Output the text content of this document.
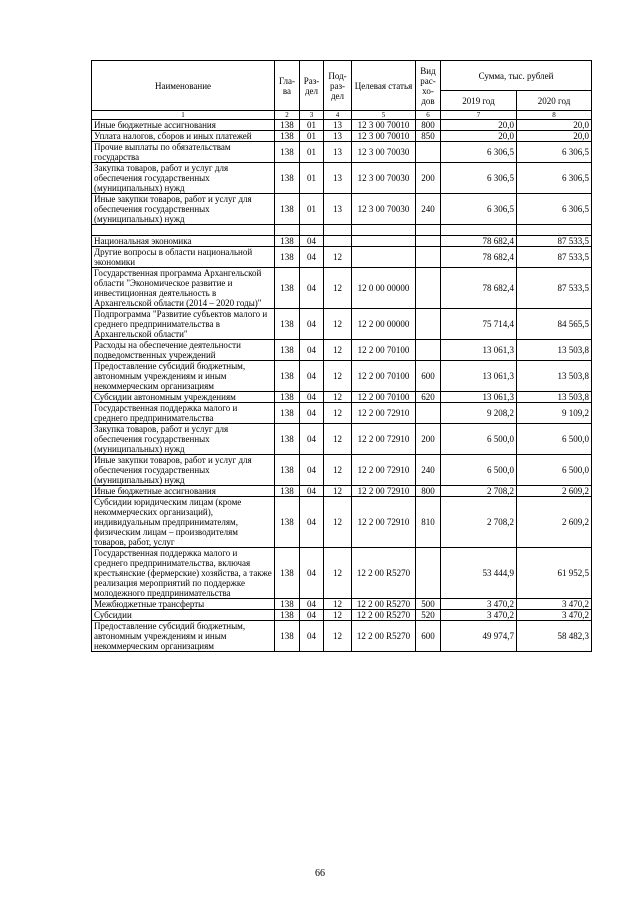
Наименование	Гла- ва	Раз- дел	Под- раз- дел	Целевая статья	Вид рас- хо- дов	Сумма, тыс. рублей	
						2019 год	2020 год
1	2	3	4	5	6	7	8
Иные бюджетные ассигнования	138	01	13	12 3 00 70010	800	20,0	20,0
Уплата налогов, сборов и иных платежей	138	01	13	12 3 00 70010	850	20,0	20,0
Прочие выплаты по обязательствам государства	138	01	13	12 3 00 70030		6 306,5	6 306,5
Закупка товаров, работ и услуг для обеспечения государственных (муниципальных) нужд	138	01	13	12 3 00 70030	200	6 306,5	6 306,5
Иные закупки товаров, работ и услуг для обеспечения государственных (муниципальных) нужд	138	01	13	12 3 00 70030	240	6 306,5	6 306,5

Национальная экономика	138	04				78 682,4	87 533,5
Другие вопросы в области национальной экономики	138	04	12			78 682,4	87 533,5
Государственная программа Архангельской области "Экономическое развитие и инвестиционная деятельность в Архангельской области (2014 – 2020 годы)"	138	04	12	12 0 00 00000		78 682,4	87 533,5
Подпрограмма "Развитие субъектов малого и среднего предпринимательства в Архангельской области"	138	04	12	12 2 00 00000		75 714,4	84 565,5
Расходы на обеспечение деятельности подведомственных учреждений	138	04	12	12 2 00 70100		13 061,3	13 503,8
Предоставление субсидий бюджетным, автономным учреждениям и иным некоммерческим организациям	138	04	12	12 2 00 70100	600	13 061,3	13 503,8
Субсидии автономным учреждениям	138	04	12	12 2 00 70100	620	13 061,3	13 503,8
Государственная поддержка малого и среднего предпринимательства	138	04	12	12 2 00 72910		9 208,2	9 109,2
Закупка товаров, работ и услуг для обеспечения государственных (муниципальных) нужд	138	04	12	12 2 00 72910	200	6 500,0	6 500,0
Иные закупки товаров, работ и услуг для обеспечения государственных (муниципальных) нужд	138	04	12	12 2 00 72910	240	6 500,0	6 500,0
Иные бюджетные ассигнования	138	04	12	12 2 00 72910	800	2 708,2	2 609,2
Субсидии юридическим лицам (кроме некоммерческих организаций), индивидуальным предпринимателям, физическим лицам – производителям товаров, работ, услуг	138	04	12	12 2 00 72910	810	2 708,2	2 609,2
Государственная поддержка малого и среднего предпринимательства, включая крестьянские (фермерские) хозяйства, а также реализация мероприятий по поддержке молодежного предпринимательства	138	04	12	12 2 00 R5270		53 444,9	61 952,5
Межбюджетные трансферты	138	04	12	12 2 00 R5270	500	3 470,2	3 470,2
Субсидии	138	04	12	12 2 00 R5270	520	3 470,2	3 470,2
Предоставление субсидий бюджетным, автономным учреждениям и иным некоммерческим организациям	138	04	12	12 2 00 R5270	600	49 974,7	58 482,3
66
